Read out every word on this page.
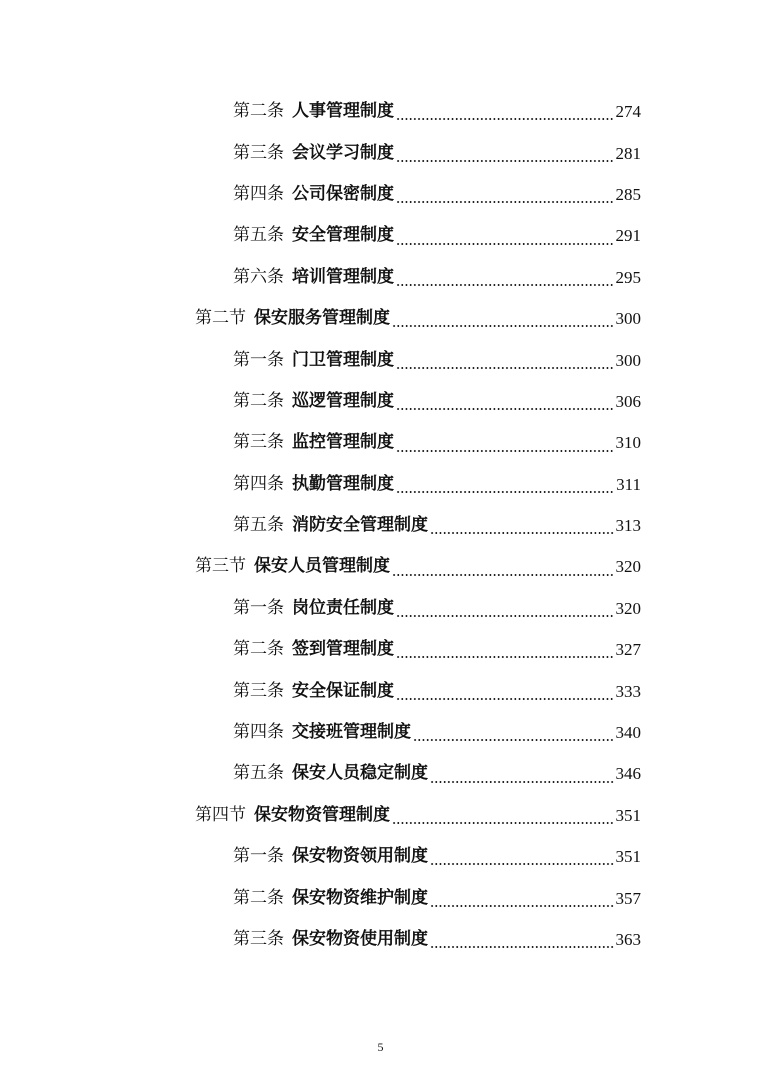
第二条 人事管理制度	274
第三条 会议学习制度	281
第四条 公司保密制度	285
第五条 安全管理制度	291
第六条 培训管理制度	295
第二节 保安服务管理制度	300
第一条 门卫管理制度	300
第二条 巡逻管理制度	306
第三条 监控管理制度	310
第四条 执勤管理制度	311
第五条 消防安全管理制度	313
第三节 保安人员管理制度	320
第一条 岗位责任制度	320
第二条 签到管理制度	327
第三条 安全保证制度	333
第四条 交接班管理制度	340
第五条 保安人员稳定制度	346
第四节 保安物资管理制度	351
第一条 保安物资领用制度	351
第二条 保安物资维护制度	357
第三条 保安物资使用制度	363
5
